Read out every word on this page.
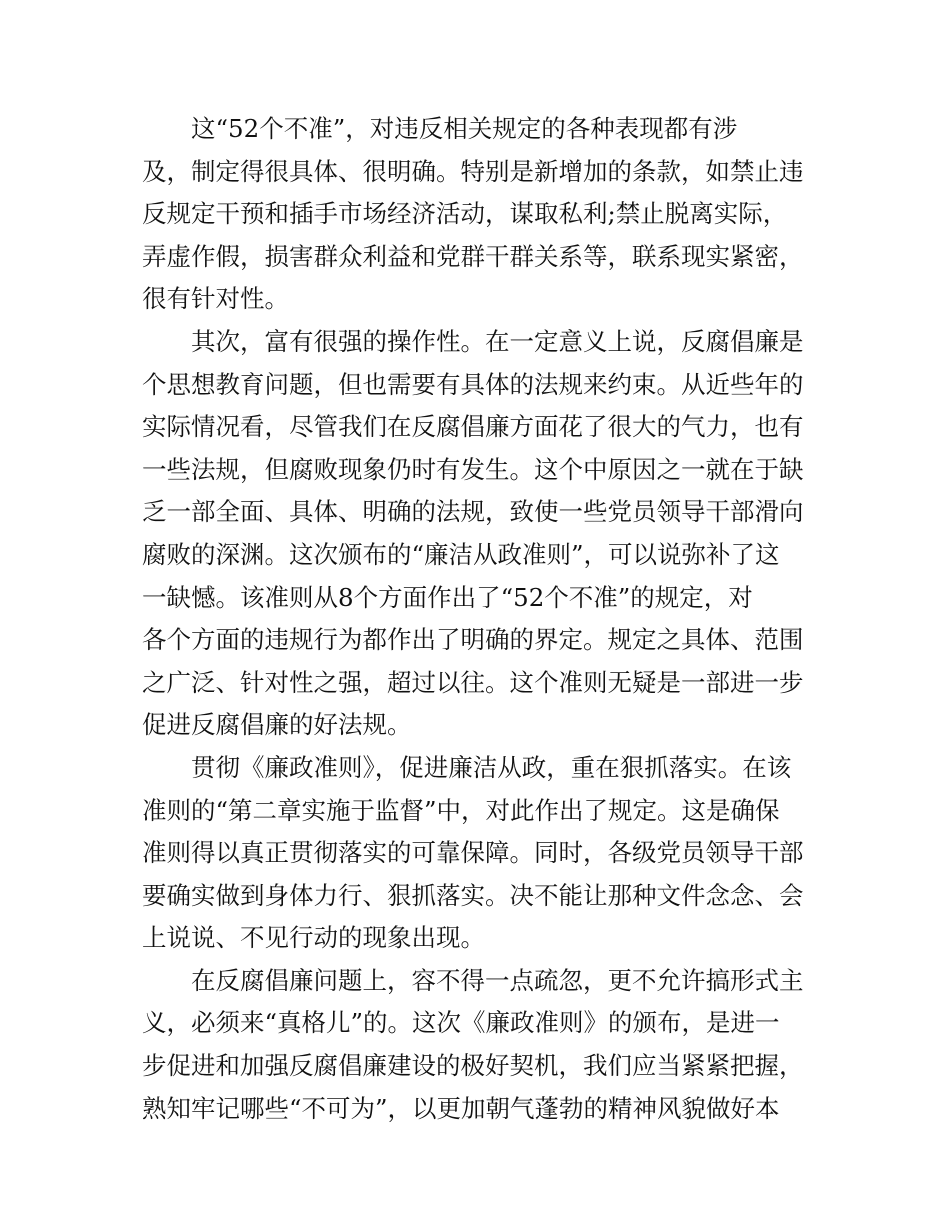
这“52个不准”，对违反相关规定的各种表现都有涉
及，制定得很具体、很明确。特别是新增加的条款，如禁止违
反规定干预和插手市场经济活动，谋取私利;禁止脱离实际，
弄虚作假，损害群众利益和党群干群关系等，联系现实紧密，
很有针对性。
其次，富有很强的操作性。在一定意义上说，反腐倡廉是
个思想教育问题，但也需要有具体的法规来约束。从近些年的
实际情况看，尽管我们在反腐倡廉方面花了很大的气力，也有
一些法规，但腐败现象仍时有发生。这个中原因之一就在于缺
乏一部全面、具体、明确的法规，致使一些党员领导干部滑向
腐败的深渊。这次颁布的“廉洁从政准则”，可以说弥补了这
一缺憾。该准则从8个方面作出了“52个不准”的规定，对
各个方面的违规行为都作出了明确的界定。规定之具体、范围
之广泛、针对性之强，超过以往。这个准则无疑是一部进一步
促进反腐倡廉的好法规。
贯彻《廉政准则》，促进廉洁从政，重在狠抓落实。在该
准则的“第二章实施于监督”中，对此作出了规定。这是确保
准则得以真正贯彻落实的可靠保障。同时，各级党员领导干部
要确实做到身体力行、狠抓落实。决不能让那种文件念念、会
上说说、不见行动的现象出现。
在反腐倡廉问题上，容不得一点疏忽，更不允许搞形式主
义，必须来“真格儿”的。这次《廉政准则》的颁布，是进一
步促进和加强反腐倡廉建设的极好契机，我们应当紧紧把握，
熟知牢记哪些“不可为”，以更加朝气蓬勃的精神风貌做好本
